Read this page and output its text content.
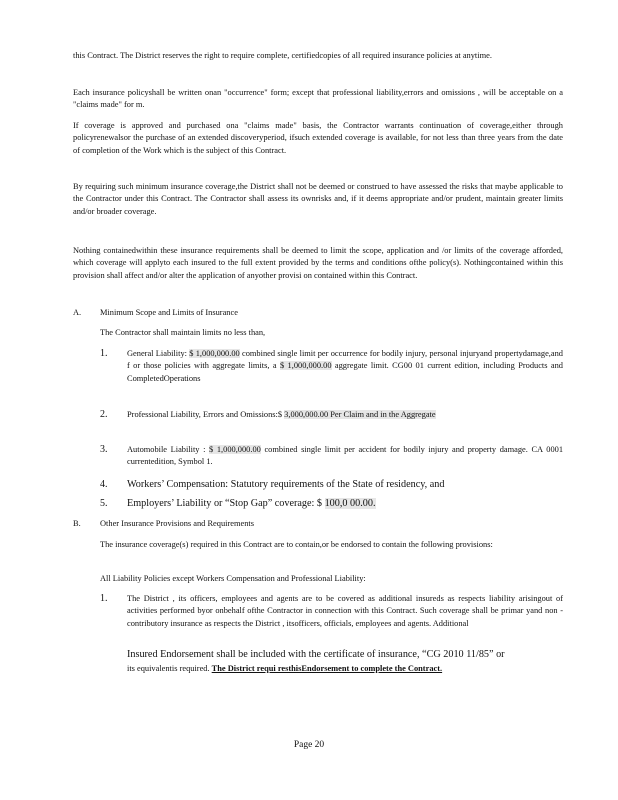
this Contract. The District reserves the right to require complete, certifiedcopies of all required insurance policies at anytime.

Each insurance policyshall be written onan "occurrence" form; except that professional liability,errors and omissions , will be acceptable on a "claims made" for m.

If coverage is approved and purchased ona "claims made" basis, the Contractor warrants continuation of coverage,either through policyrenewalsor the purchase of an extended discoveryperiod, ifsuch extended coverage is available, for not less than three years from the date of completion of the Work which is the subject of this Contract.

By requiring such minimum insurance coverage,the District shall not be deemed or construed to have assessed the risks that maybe applicable to the Contractor under this Contract. The Contractor shall assess its ownrisks and, if it deems appropriate and/or prudent, maintain greater limits and/or broader coverage.

Nothing containedwithin these insurance requirements shall be deemed to limit the scope, application and /or limits of the coverage afforded, which coverage will applyto each insured to the full extent provided by the terms and conditions ofthe policy(s). Nothingcontained within this provision shall affect and/or alter the application of anyother provisi on contained within this Contract.

A. Minimum Scope and Limits of Insurance
The Contractor shall maintain limits no less than,
1. General Liability: $ 1,000,000.00 combined single limit per occurrence for bodily injury, personal injuryand propertydamage,and f or those policies with aggregate limits, a $ 1,000,000.00 aggregate limit. CG00 01 current edition, including Products and CompletedOperations

2. Professional Liability, Errors and Omissions:$ 3,000,000.00 Per Claim and in the Aggregate

3. Automobile Liability : $ 1,000,000.00 combined single limit per accident for bodily injury and property damage. CA 0001 currentedition, Symbol 1.

4. Workers’ Compensation: Statutory requirements of the State of residency, and

5. Employers’ Liability or “Stop Gap” coverage: $ 100,0 00.00.

B. Other Insurance Provisions and Requirements

The insurance coverage(s) required in this Contract are to contain,or be endorsed to contain the following provisions:

All Liability Policies except Workers Compensation and Professional Liability:
1. The District , its officers, employees and agents are to be covered as additional insureds as respects liability arisingout of activities performed byor onbehalf ofthe Contractor in connection with this Contract. Such coverage shall be primar yand non -contributory insurance as respects the District , itsofficers, officials, employees and agents. Additional

Insured Endorsement shall be included with the certificate of insurance, “CG 2010 11/85” or

its equivalentis required. The District requi resthisEndorsement to complete the Contract.

Page 20
